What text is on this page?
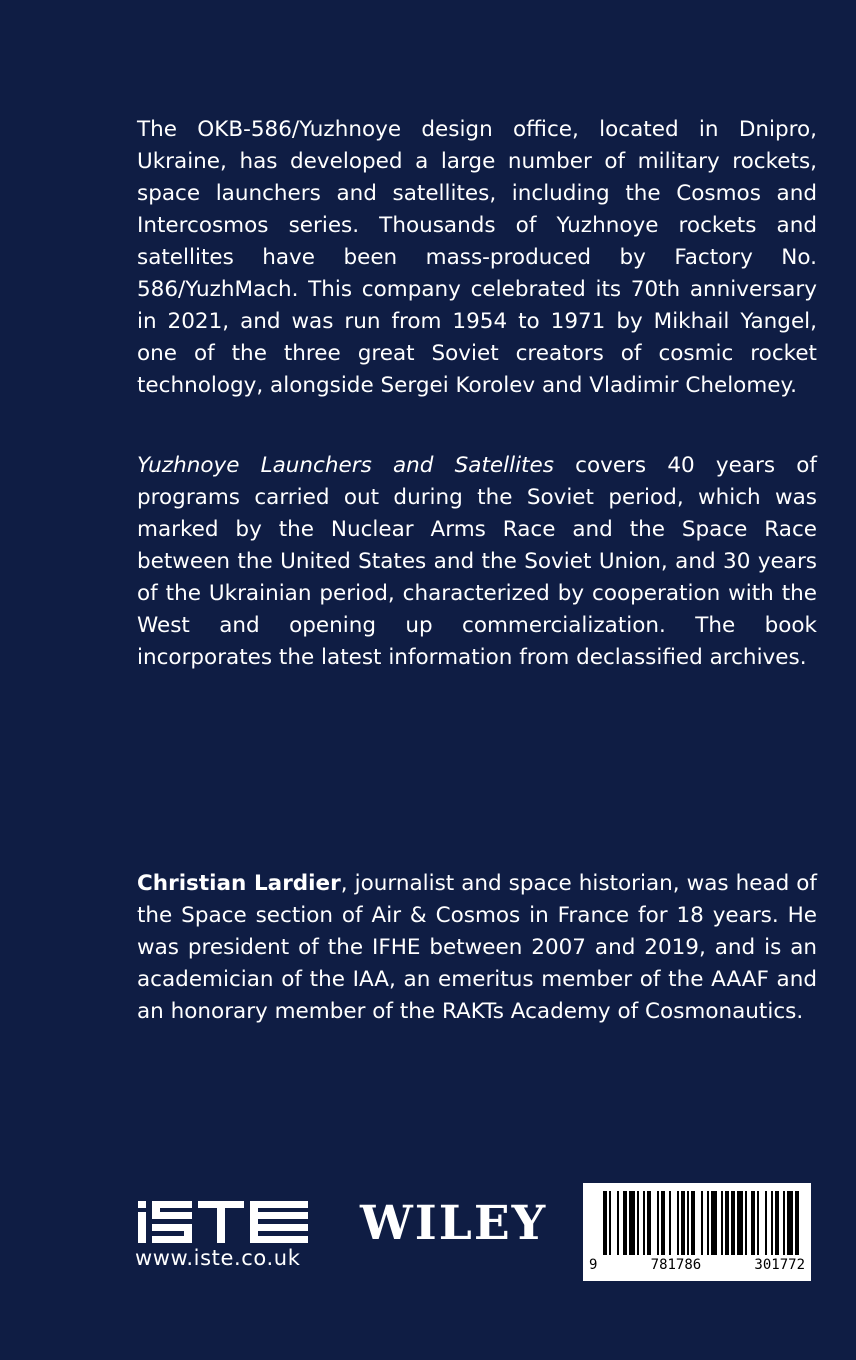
The OKB-586/Yuzhnoye design office, located in Dnipro, Ukraine, has developed a large number of military rockets, space launchers and satellites, including the Cosmos and Intercosmos series. Thousands of Yuzhnoye rockets and satellites have been mass-produced by Factory No. 586/YuzhMach. This company celebrated its 70th anniversary in 2021, and was run from 1954 to 1971 by Mikhail Yangel, one of the three great Soviet creators of cosmic rocket technology, alongside Sergei Korolev and Vladimir Chelomey.

Yuzhnoye Launchers and Satellites covers 40 years of programs carried out during the Soviet period, which was marked by the Nuclear Arms Race and the Space Race between the United States and the Soviet Union, and 30 years of the Ukrainian period, characterized by cooperation with the West and opening up commercialization. The book incorporates the latest information from declassified archives.

Christian Lardier, journalist and space historian, was head of the Space section of Air & Cosmos in France for 18 years. He was president of the IFHE between 2007 and 2019, and is an academician of the IAA, an emeritus member of the AAAF and an honorary member of the RAKTs Academy of Cosmonautics.

www.iste.co.uk
WILEY
9	781786	301772
